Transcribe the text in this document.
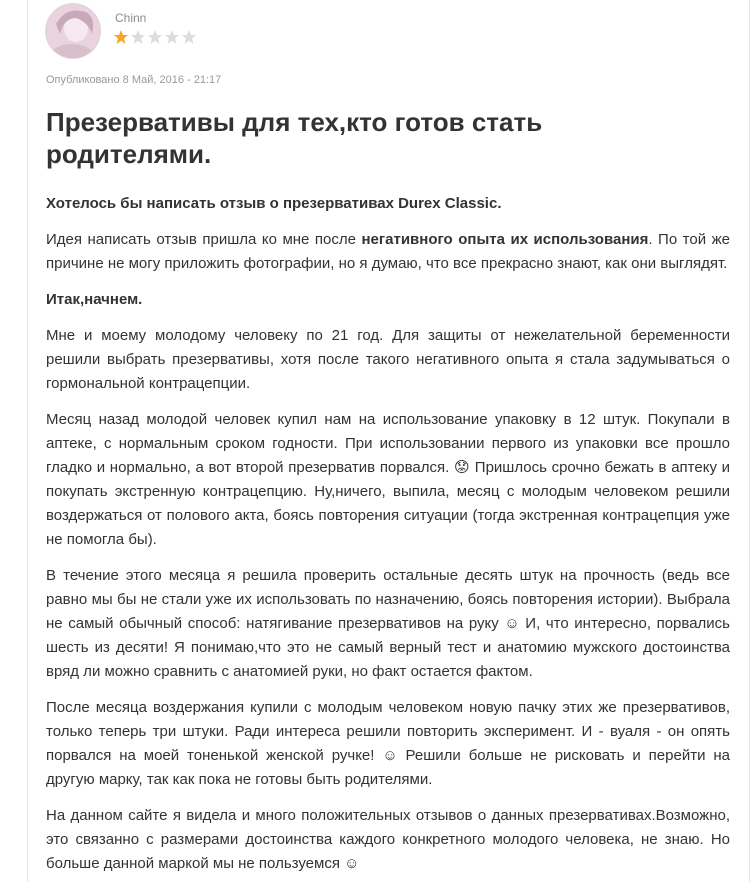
Chinn
Опубликовано 8 Май, 2016 - 21:17
Презервативы для тех,кто готов стать родителями.

Хотелось бы написать отзыв о презервативах Durex Classic.

Идея написать отзыв пришла ко мне после негативного опыта их использования. По той же причине не могу приложить фотографии, но я думаю, что все прекрасно знают, как они выглядят.

Итак,начнем.

Мне и моему молодому человеку по 21 год. Для защиты от нежелательной беременности решили выбрать презервативы, хотя после такого негативного опыта я стала задумываться о гормональной контрацепции.

Месяц назад молодой человек купил нам на использование упаковку в 12 штук. Покупали в аптеке, с нормальным сроком годности. При использовании первого из упаковки все прошло гладко и нормально, а вот второй презерватив порвался. 😟 Пришлось срочно бежать в аптеку и покупать экстренную контрацепцию. Ну,ничего, выпила, месяц с молодым человеком решили воздержаться от полового акта, боясь повторения ситуации (тогда экстренная контрацепция уже не помогла бы).

В течение этого месяца я решила проверить остальные десять штук на прочность (ведь все равно мы бы не стали уже их использовать по назначению, боясь повторения истории). Выбрала не самый обычный способ: натягивание презервативов на руку ☺ И, что интересно, порвались шесть из десяти! Я понимаю,что это не самый верный тест и анатомию мужского достоинства вряд ли можно сравнить с анатомией руки, но факт остается фактом.

После месяца воздержания купили с молодым человеком новую пачку этих же презервативов, только теперь три штуки. Ради интереса решили повторить эксперимент. И - вуаля - он опять порвался на моей тоненькой женской ручке! ☺ Решили больше не рисковать и перейти на другую марку, так как пока не готовы быть родителями.

На данном сайте я видела и много положительных отзывов о данных презервативах.Возможно, это связанно с размерами достоинства каждого конкретного молодого человека, не знаю. Но больше данной маркой мы не пользуемся ☺
